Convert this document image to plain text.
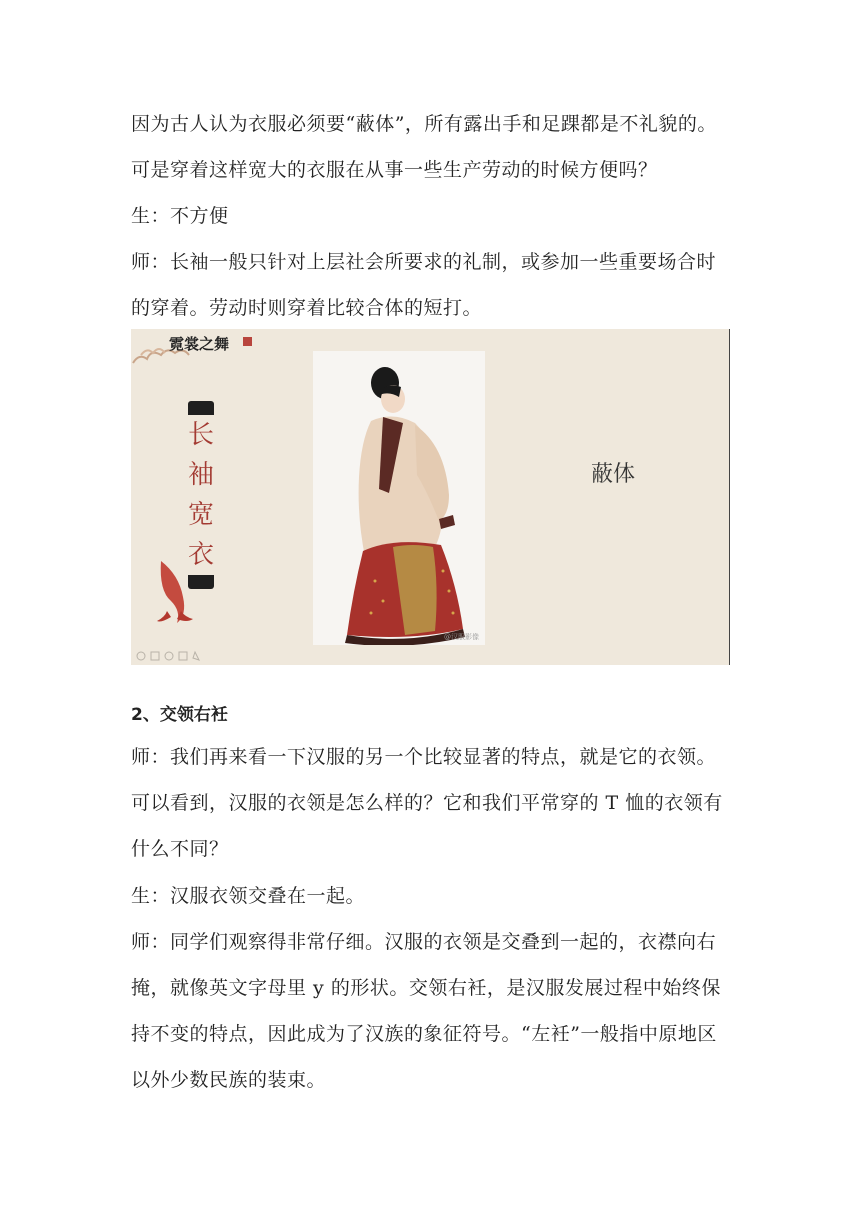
因为古人认为衣服必须要“蔽体”，所有露出手和足踝都是不礼貌的。可是穿着这样宽大的衣服在从事一些生产劳动的时候方便吗？

生：不方便

师：长袖一般只针对上层社会所要求的礼制，或参加一些重要场合时的穿着。劳动时则穿着比较合体的短打。

霓裳之舞
长
袖
宽
衣
@汉服影像
蔽体
2、交领右衽

师：我们再来看一下汉服的另一个比较显著的特点，就是它的衣领。可以看到，汉服的衣领是怎么样的？它和我们平常穿的 T 恤的衣领有什么不同？

生：汉服衣领交叠在一起。

师：同学们观察得非常仔细。汉服的衣领是交叠到一起的，衣襟向右掩，就像英文字母里 y 的形状。交领右衽，是汉服发展过程中始终保持不变的特点，因此成为了汉族的象征符号。“左衽”一般指中原地区以外少数民族的装束。
